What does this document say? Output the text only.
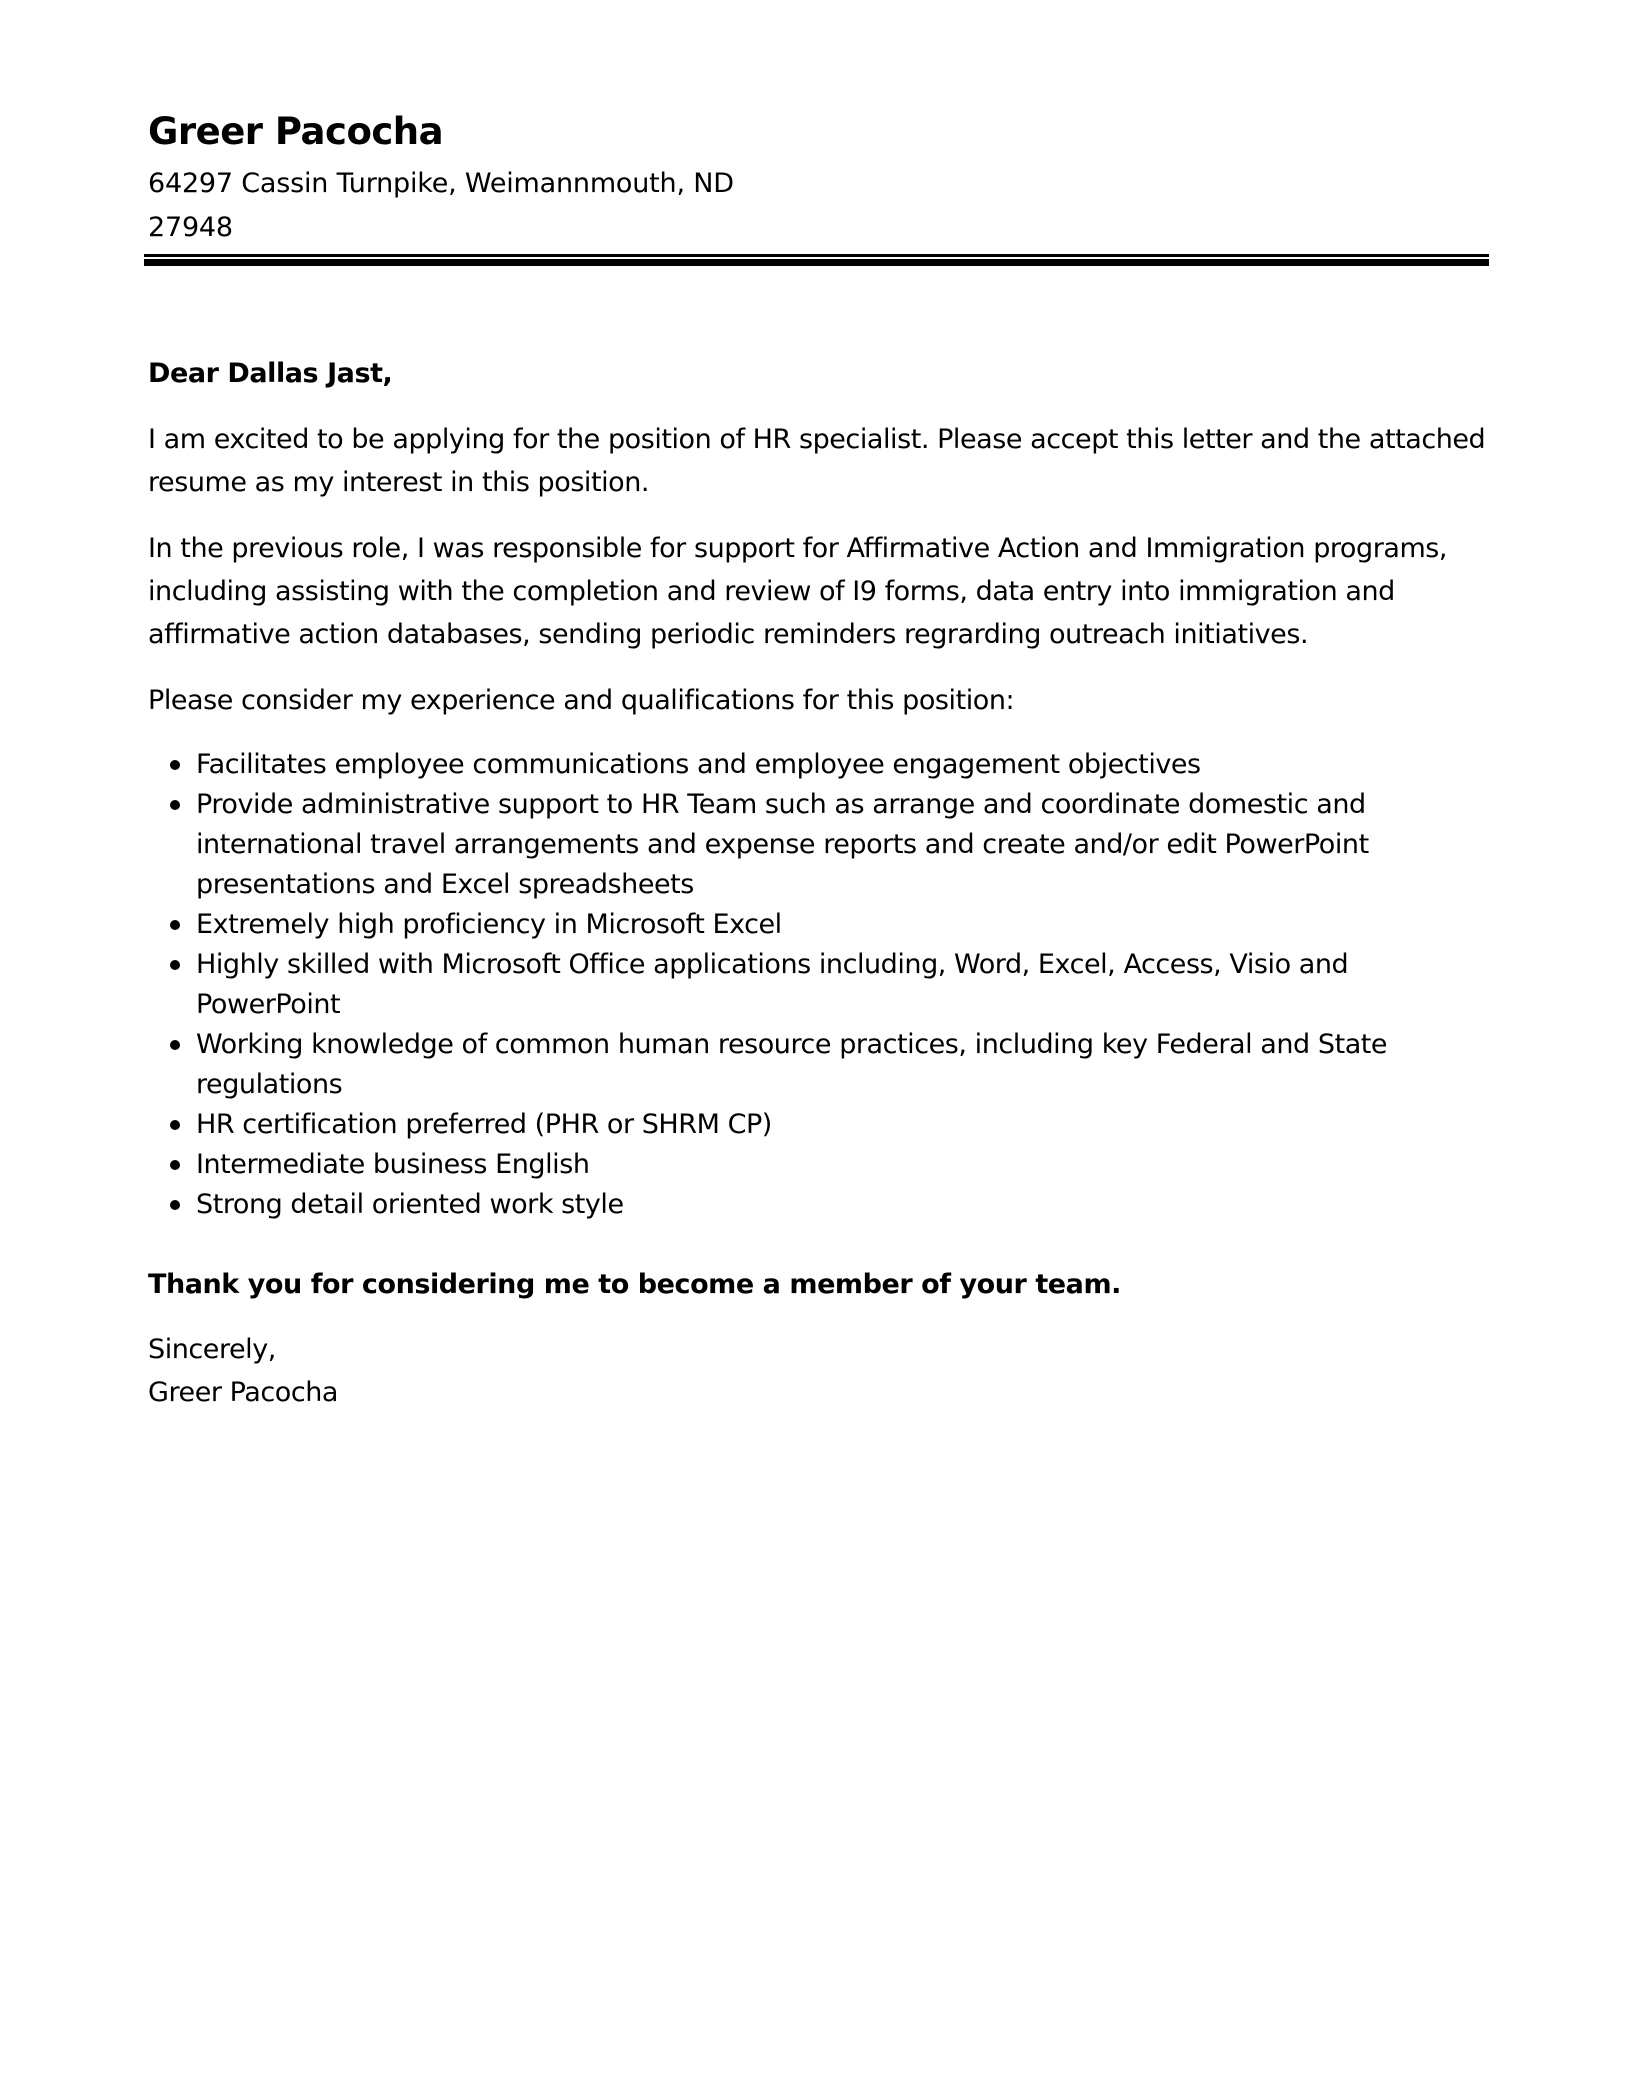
Greer Pacocha
64297 Cassin Turnpike, Weimannmouth, ND
27948

Dear Dallas Jast,

I am excited to be applying for the position of HR specialist. Please accept this letter and the attached resume as my interest in this position.

In the previous role, I was responsible for support for Affirmative Action and Immigration programs, including assisting with the completion and review of I9 forms, data entry into immigration and affirmative action databases, sending periodic reminders regrarding outreach initiatives.

Please consider my experience and qualifications for this position:

Facilitates employee communications and employee engagement objectives
Provide administrative support to HR Team such as arrange and coordinate domestic and international travel arrangements and expense reports and create and/or edit PowerPoint presentations and Excel spreadsheets
Extremely high proficiency in Microsoft Excel
Highly skilled with Microsoft Office applications including, Word, Excel, Access, Visio and PowerPoint
Working knowledge of common human resource practices, including key Federal and State regulations
HR certification preferred (PHR or SHRM CP)
Intermediate business English
Strong detail oriented work style

Thank you for considering me to become a member of your team.

Sincerely,
Greer Pacocha
